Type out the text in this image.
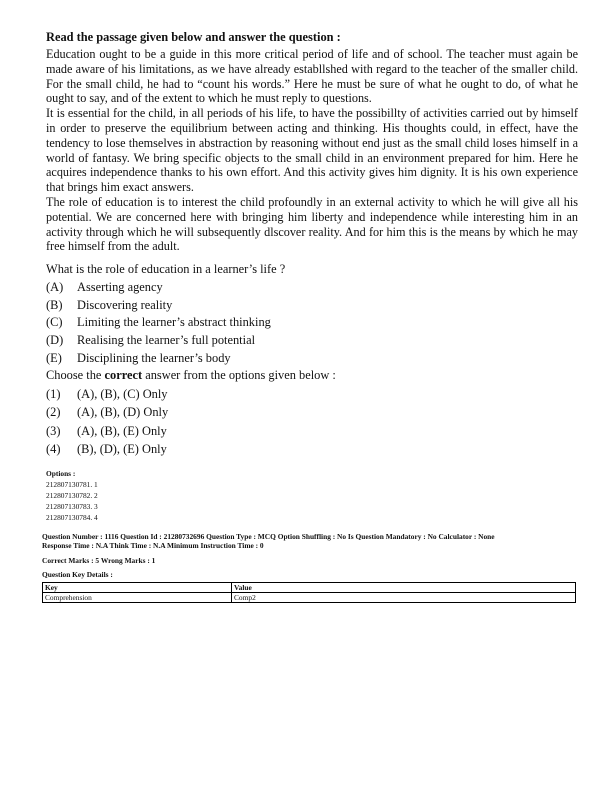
Read the passage given below and answer the question :

Education ought to be a guide in this more critical period of life and of school. The teacher must again be made aware of his limitations, as we have already establlshed with regard to the teacher of the smaller child. For the small child, he had to “count his words.” Here he must be sure of what he ought to do, of what he ought to say, and of the extent to which he must reply to questions.

It is essential for the child, in all periods of his life, to have the possibillty of activities carried out by himself in order to preserve the equilibrium between acting and thinking. His thoughts could, in effect, have the tendency to lose themselves in abstraction by reasoning without end just as the small child loses himself in a world of fantasy. We bring specific objects to the small child in an environment prepared for him. Here he acquires independence thanks to his own effort. And this activity gives him dignity. It is his own experience that brings him exact answers.

The role of education is to interest the child profoundly in an external activity to which he will give all his potential. We are concerned here with bringing him liberty and independence while interesting him in an activity through which he will subsequently dlscover reality. And for him this is the means by which he may free himself from the adult.

What is the role of education in a learner’s life ?
(A)	Asserting agency
(B)	Discovering reality
(C)	Limiting the learner’s abstract thinking
(D)	Realising the learner’s full potential
(E)	Disciplining the learner’s body
Choose the correct answer from the options given below :
(1)	(A), (B), (C) Only
(2)	(A), (B), (D) Only
(3)	(A), (B), (E) Only
(4)	(B), (D), (E) Only
Options :
212807130781. 1
212807130782. 2
212807130783. 3
212807130784. 4
Question Number : 1116 Question Id : 21280732696 Question Type : MCQ Option Shuffling : No Is Question Mandatory : No Calculator : None
Response Time : N.A Think Time : N.A Minimum Instruction Time : 0
Correct Marks : 5 Wrong Marks : 1
Question Key Details :
Key	Value
Comprehension	Comp2
